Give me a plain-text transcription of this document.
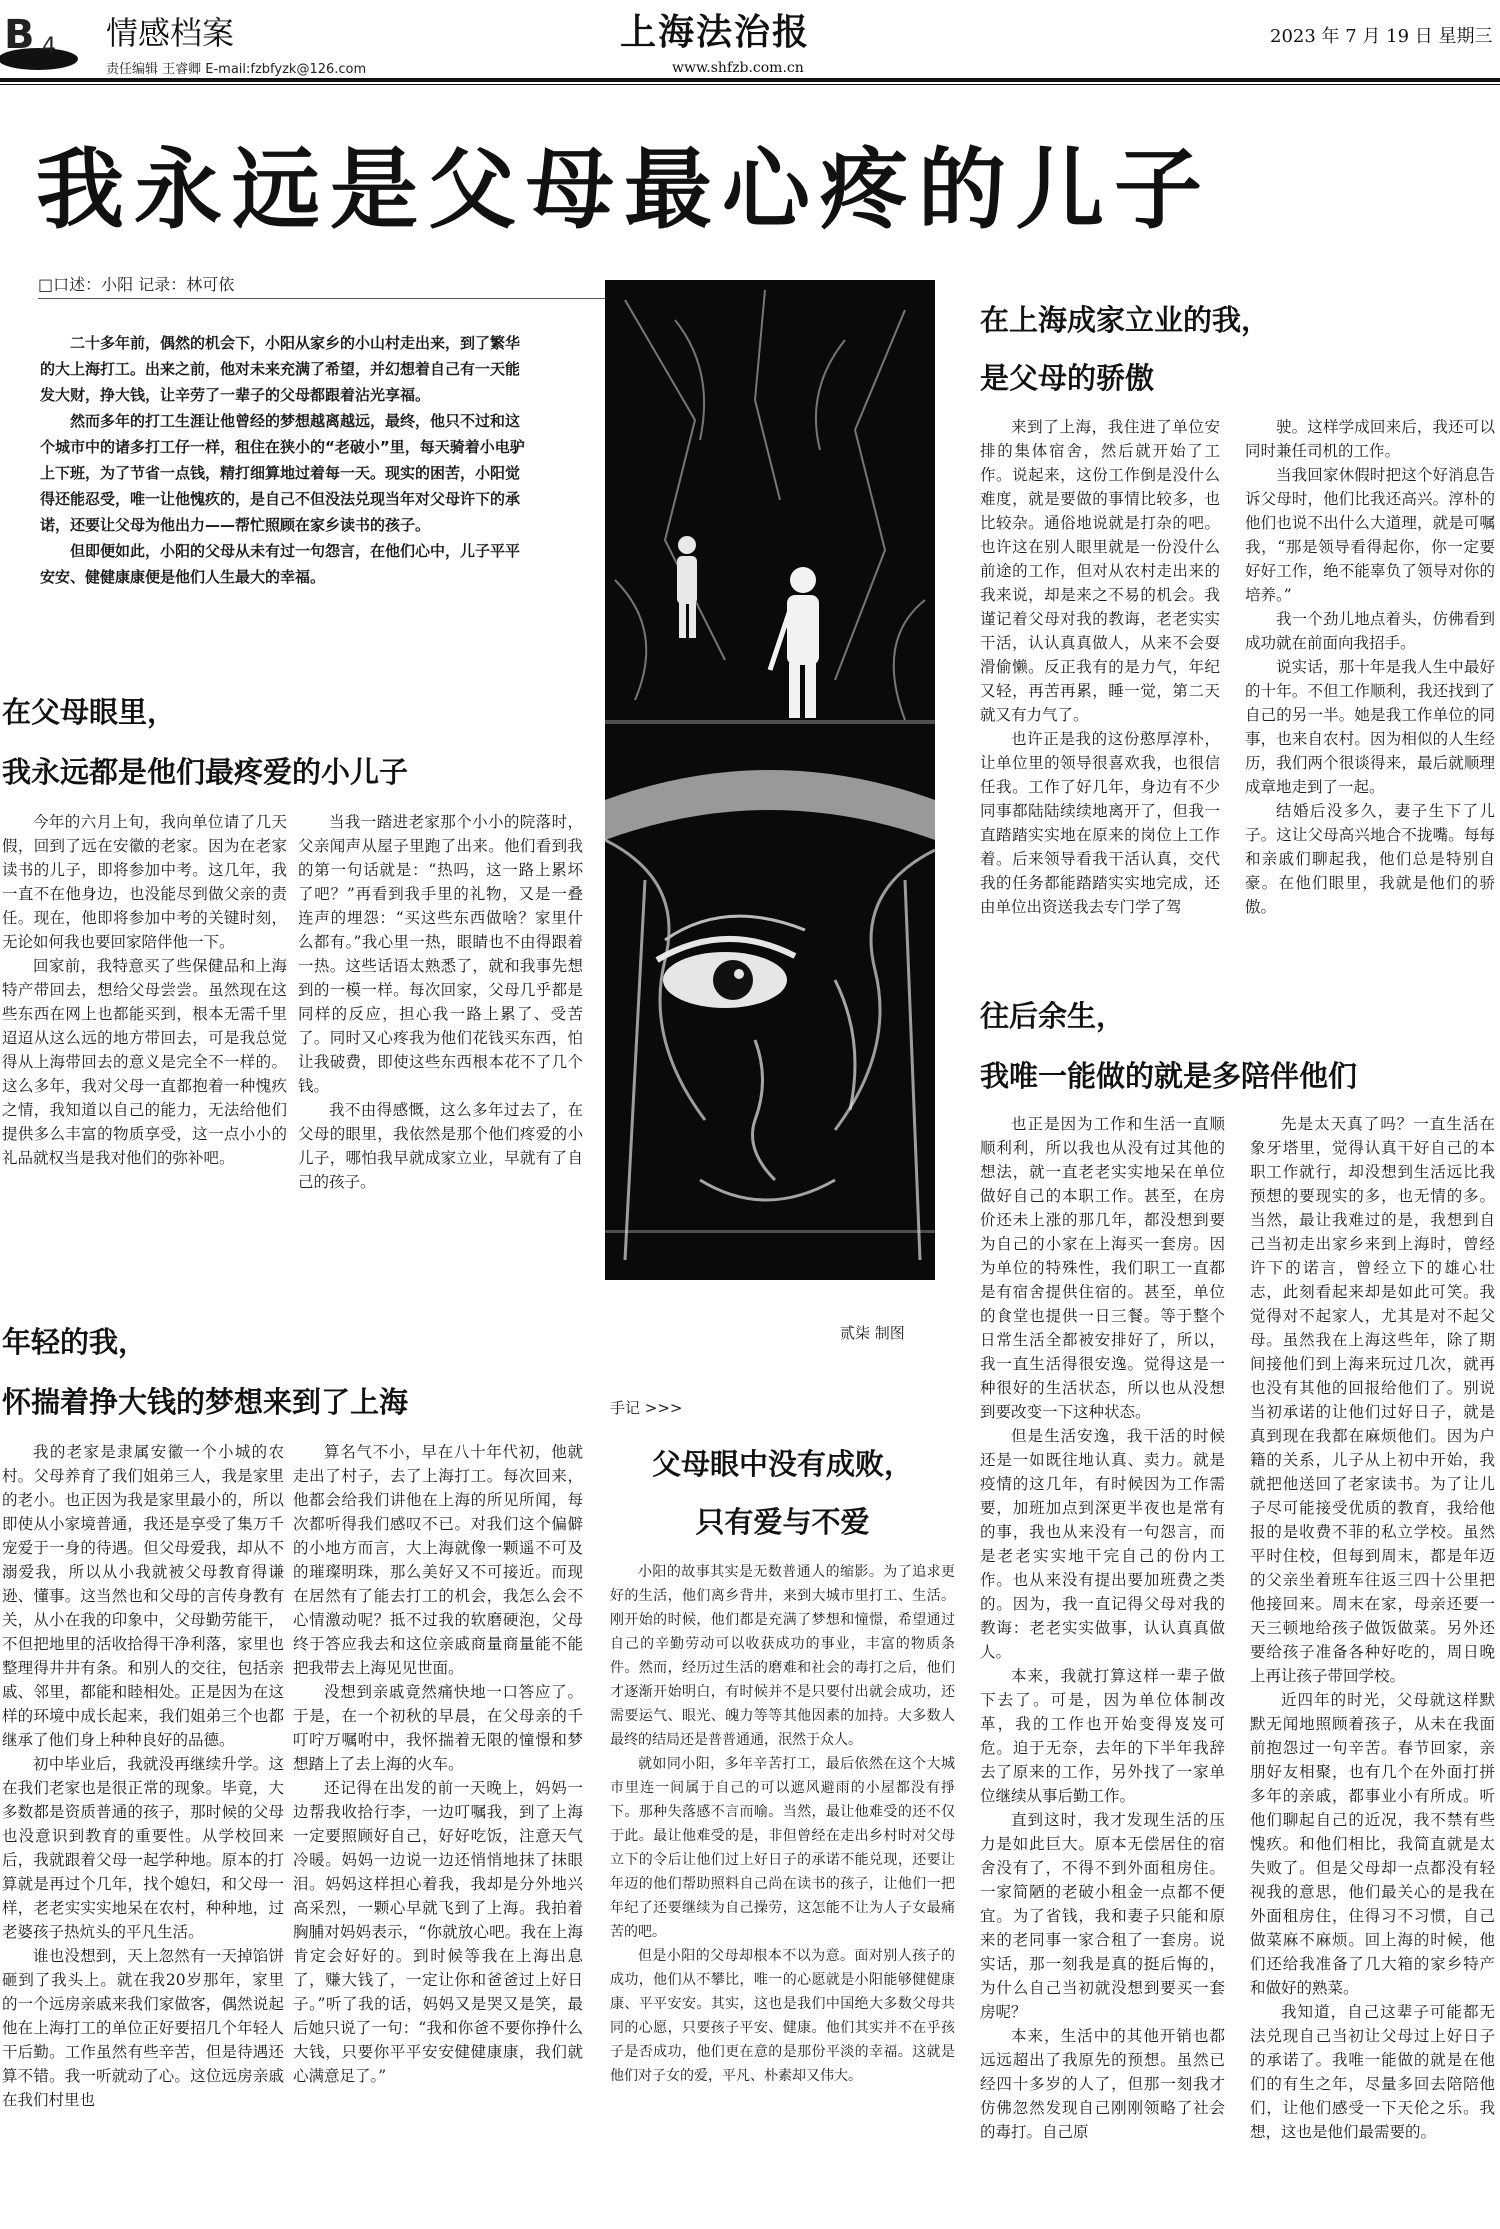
B 4 情感档案
责任编辑 王睿卿 E-mail:fzbfyzk@126.com
上海法治报
www.shfzb.com.cn
2023 年 7 月 19 日 星期三
我永远是父母最心疼的儿子
□口述：小阳 记录：林可依

二十多年前，偶然的机会下，小阳从家乡的小山村走出来，到了繁华的大上海打工。出来之前，他对未来充满了希望，并幻想着自己有一天能发大财，挣大钱，让辛劳了一辈子的父母都跟着沾光享福。

然而多年的打工生涯让他曾经的梦想越离越远，最终，他只不过和这个城市中的诸多打工仔一样，租住在狭小的“老破小”里，每天骑着小电驴上下班，为了节省一点钱，精打细算地过着每一天。现实的困苦，小阳觉得还能忍受，唯一让他愧疚的，是自己不但没法兑现当年对父母许下的承诺，还要让父母为他出力——帮忙照顾在家乡读书的孩子。

但即便如此，小阳的父母从未有过一句怨言，在他们心中，儿子平平安安、健健康康便是他们人生最大的幸福。

在父母眼里，
我永远都是他们最疼爱的小儿子

今年的六月上旬，我向单位请了几天假，回到了远在安徽的老家。因为在老家读书的儿子，即将参加中考。这几年，我一直不在他身边，也没能尽到做父亲的责任。现在，他即将参加中考的关键时刻，无论如何我也要回家陪伴他一下。

回家前，我特意买了些保健品和上海特产带回去，想给父母尝尝。虽然现在这些东西在网上也都能买到，根本无需千里迢迢从这么远的地方带回去，可是我总觉得从上海带回去的意义是完全不一样的。这么多年，我对父母一直都抱着一种愧疚之情，我知道以自己的能力，无法给他们提供多么丰富的物质享受，这一点小小的礼品就权当是我对他们的弥补吧。

当我一踏进老家那个小小的院落时，父亲闻声从屋子里跑了出来。他们看到我的第一句话就是：“热吗，这一路上累坏了吧？”再看到我手里的礼物，又是一叠连声的埋怨：“买这些东西做啥？家里什么都有。”我心里一热，眼睛也不由得跟着一热。这些话语太熟悉了，就和我事先想到的一模一样。每次回家，父母几乎都是同样的反应，担心我一路上累了、受苦了。同时又心疼我为他们花钱买东西，怕让我破费，即使这些东西根本花不了几个钱。

我不由得感慨，这么多年过去了，在父母的眼里，我依然是那个他们疼爱的小儿子，哪怕我早就成家立业，早就有了自己的孩子。

年轻的我，
怀揣着挣大钱的梦想来到了上海

我的老家是隶属安徽一个小城的农村。父母养育了我们姐弟三人，我是家里的老小。也正因为我是家里最小的，所以即使从小家境普通，我还是享受了集万千宠爱于一身的待遇。但父母爱我，却从不溺爱我，所以从小我就被父母教育得谦逊、懂事。这当然也和父母的言传身教有关，从小在我的印象中，父母勤劳能干，不但把地里的活收拾得干净利落，家里也整理得井井有条。和别人的交往，包括亲戚、邻里，都能和睦相处。正是因为在这样的环境中成长起来，我们姐弟三个也都继承了他们身上种种良好的品德。

初中毕业后，我就没再继续升学。这在我们老家也是很正常的现象。毕竟，大多数都是资质普通的孩子，那时候的父母也没意识到教育的重要性。从学校回来后，我就跟着父母一起学种地。原本的打算就是再过个几年，找个媳妇，和父母一样，老老实实实地呆在农村，种种地，过老婆孩子热炕头的平凡生活。

谁也没想到，天上忽然有一天掉馅饼砸到了我头上。就在我20岁那年，家里的一个远房亲戚来我们家做客，偶然说起他在上海打工的单位正好要招几个年轻人干后勤。工作虽然有些辛苦，但是待遇还算不错。我一听就动了心。这位远房亲戚在我们村里也

算名气不小，早在八十年代初，他就走出了村子，去了上海打工。每次回来，他都会给我们讲他在上海的所见所闻，每次都听得我们感叹不已。对我们这个偏僻的小地方而言，大上海就像一颗遥不可及的璀璨明珠，那么美好又不可接近。而现在居然有了能去打工的机会，我怎么会不心情激动呢？抵不过我的软磨硬泡，父母终于答应我去和这位亲戚商量商量能不能把我带去上海见见世面。

没想到亲戚竟然痛快地一口答应了。于是，在一个初秋的早晨，在父母亲的千叮咛万嘱咐中，我怀揣着无限的憧憬和梦想踏上了去上海的火车。

还记得在出发的前一天晚上，妈妈一边帮我收拾行李，一边叮嘱我，到了上海一定要照顾好自己，好好吃饭，注意天气冷暖。妈妈一边说一边还悄悄地抹了抹眼泪。妈妈这样担心着我，我却是分外地兴高采烈，一颗心早就飞到了上海。我拍着胸脯对妈妈表示，“你就放心吧。我在上海肯定会好好的。到时候等我在上海出息了，赚大钱了，一定让你和爸爸过上好日子。”听了我的话，妈妈又是哭又是笑，最后她只说了一句：“我和你爸不要你挣什么大钱，只要你平平安安健健康康，我们就心满意足了。”

贰柒 制图
手记 >>>
父母眼中没有成败，
只有爱与不爱

小阳的故事其实是无数普通人的缩影。为了追求更好的生活，他们离乡背井，来到大城市里打工、生活。刚开始的时候，他们都是充满了梦想和憧憬，希望通过自己的辛勤劳动可以收获成功的事业，丰富的物质条件。然而，经历过生活的磨难和社会的毒打之后，他们才逐渐开始明白，有时候并不是只要付出就会成功，还需要运气、眼光、魄力等等其他因素的加持。大多数人最终的结局还是普普通通，泯然于众人。

就如同小阳，多年辛苦打工，最后依然在这个大城市里连一间属于自己的可以遮风避雨的小屋都没有掙下。那种失落感不言而喻。当然，最让他难受的还不仅于此。最让他难受的是，非但曾经在走出乡村时对父母立下的令后让他们过上好日子的承诺不能兑现，还要让年迈的他们帮助照料自己尚在读书的孩子，让他们一把年纪了还要继续为自己操劳，这怎能不让为人子女最痛苦的吧。

但是小阳的父母却根本不以为意。面对别人孩子的成功，他们从不攀比，唯一的心愿就是小阳能够健健康康、平平安安。其实，这也是我们中国绝大多数父母共同的心愿，只要孩子平安、健康。他们其实并不在乎孩子是否成功，他们更在意的是那份平淡的幸福。这就是他们对子女的爱，平凡、朴素却又伟大。

在上海成家立业的我，
是父母的骄傲

来到了上海，我住进了单位安排的集体宿舍，然后就开始了工作。说起来，这份工作倒是没什么难度，就是要做的事情比较多，也比较杂。通俗地说就是打杂的吧。也许这在别人眼里就是一份没什么前途的工作，但对从农村走出来的我来说，却是来之不易的机会。我谨记着父母对我的教诲，老老实实干活，认认真真做人，从来不会耍滑偷懒。反正我有的是力气，年纪又轻，再苦再累，睡一觉，第二天就又有力气了。

也许正是我的这份憨厚淳朴，让单位里的领导很喜欢我，也很信任我。工作了好几年，身边有不少同事都陆陆续续地离开了，但我一直踏踏实实地在原来的岗位上工作着。后来领导看我干活认真，交代我的任务都能踏踏实实地完成，还由单位出资送我去专门学了驾

驶。这样学成回来后，我还可以同时兼任司机的工作。

当我回家休假时把这个好消息告诉父母时，他们比我还高兴。淳朴的他们也说不出什么大道理，就是可嘱我，“那是领导看得起你，你一定要好好工作，绝不能辜负了领导对你的培养。”

我一个劲儿地点着头，仿佛看到成功就在前面向我招手。

说实话，那十年是我人生中最好的十年。不但工作顺利，我还找到了自己的另一半。她是我工作单位的同事，也来自农村。因为相似的人生经历，我们两个很谈得来，最后就顺理成章地走到了一起。

结婚后没多久，妻子生下了儿子。这让父母高兴地合不拢嘴。每每和亲戚们聊起我，他们总是特别自豪。在他们眼里，我就是他们的骄傲。

往后余生，
我唯一能做的就是多陪伴他们

也正是因为工作和生活一直顺顺利利，所以我也从没有过其他的想法，就一直老老实实地呆在单位做好自己的本职工作。甚至，在房价还未上涨的那几年，都没想到要为自己的小家在上海买一套房。因为单位的特殊性，我们职工一直都是有宿舍提供住宿的。甚至，单位的食堂也提供一日三餐。等于整个日常生活全都被安排好了，所以，我一直生活得很安逸。觉得这是一种很好的生活状态，所以也从没想到要改变一下这种状态。

但是生活安逸，我干活的时候还是一如既往地认真、卖力。就是疫情的这几年，有时候因为工作需要，加班加点到深更半夜也是常有的事，我也从来没有一句怨言，而是老老实实地干完自己的份内工作。也从来没有提出要加班费之类的。因为，我一直记得父母对我的教诲：老老实实做事，认认真真做人。

本来，我就打算这样一辈子做下去了。可是，因为单位体制改革，我的工作也开始变得岌岌可危。迫于无奈，去年的下半年我辞去了原来的工作，另外找了一家单位继续从事后勤工作。

直到这时，我才发现生活的压力是如此巨大。原本无偿居住的宿舍没有了，不得不到外面租房住。一家简陋的老破小租金一点都不便宜。为了省钱，我和妻子只能和原来的老同事一家合租了一套房。说实话，那一刻我是真的挺后悔的，为什么自己当初就没想到要买一套房呢？

本来，生活中的其他开销也都远远超出了我原先的预想。虽然已经四十多岁的人了，但那一刻我才仿佛忽然发现自己刚刚领略了社会的毒打。自己原

先是太天真了吗？一直生活在象牙塔里，觉得认真干好自己的本职工作就行，却没想到生活远比我预想的要现实的多，也无情的多。当然，最让我难过的是，我想到自己当初走出家乡来到上海时，曾经许下的诺言，曾经立下的雄心壮志，此刻看起来却是如此可笑。我觉得对不起家人，尤其是对不起父母。虽然我在上海这些年，除了期间接他们到上海来玩过几次，就再也没有其他的回报给他们了。别说当初承诺的让他们过好日子，就是真到现在我都在麻烦他们。因为户籍的关系，儿子从上初中开始，我就把他送回了老家读书。为了让儿子尽可能接受优质的教育，我给他报的是收费不菲的私立学校。虽然平时住校，但每到周末，都是年迈的父亲坐着班车往返三四十公里把他接回来。周末在家，母亲还要一天三顿地给孩子做饭做菜。另外还要给孩子准备各种好吃的，周日晚上再让孩子带回学校。

近四年的时光，父母就这样默默无闻地照顾着孩子，从未在我面前抱怨过一句辛苦。春节回家，亲朋好友相聚，也有几个在外面打拼多年的亲戚，都事业小有所成。听他们聊起自己的近况，我不禁有些愧疚。和他们相比，我简直就是太失败了。但是父母却一点都没有轻视我的意思，他们最关心的是我在外面租房住，住得习不习惯，自己做菜麻不麻烦。回上海的时候，他们还给我准备了几大箱的家乡特产和做好的熟菜。

我知道，自己这辈子可能都无法兑现自己当初让父母过上好日子的承诺了。我唯一能做的就是在他们的有生之年，尽量多回去陪陪他们，让他们感受一下天伦之乐。我想，这也是他们最需要的。
